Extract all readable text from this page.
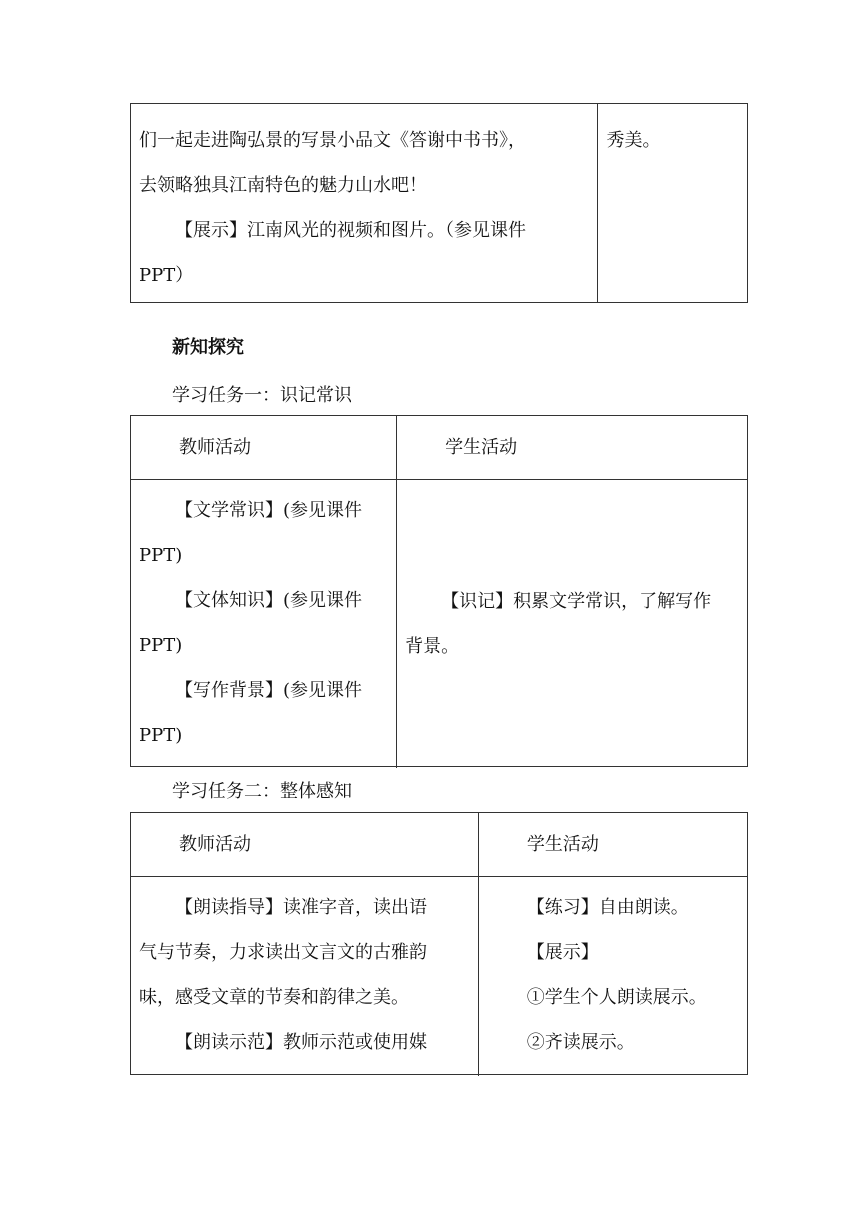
们一起走进陶弘景的写景小品文《答谢中书书》，

去领略独具江南特色的魅力山水吧！

【展示】江南风光的视频和图片。（参见课件

PPT）

秀美。

新知探究
学习任务一：识记常识
教师活动	学生活动

【文学常识】(参见课件

PPT)

【文体知识】(参见课件

PPT)

【写作背景】(参见课件

PPT)

【识记】积累文学常识，了解写作

背景。

学习任务二：整体感知
教师活动	学生活动

【朗读指导】读准字音，读出语

气与节奏，力求读出文言文的古雅韵

味，感受文章的节奏和韵律之美。

【朗读示范】教师示范或使用媒

【练习】自由朗读。

【展示】

①学生个人朗读展示。

②齐读展示。
